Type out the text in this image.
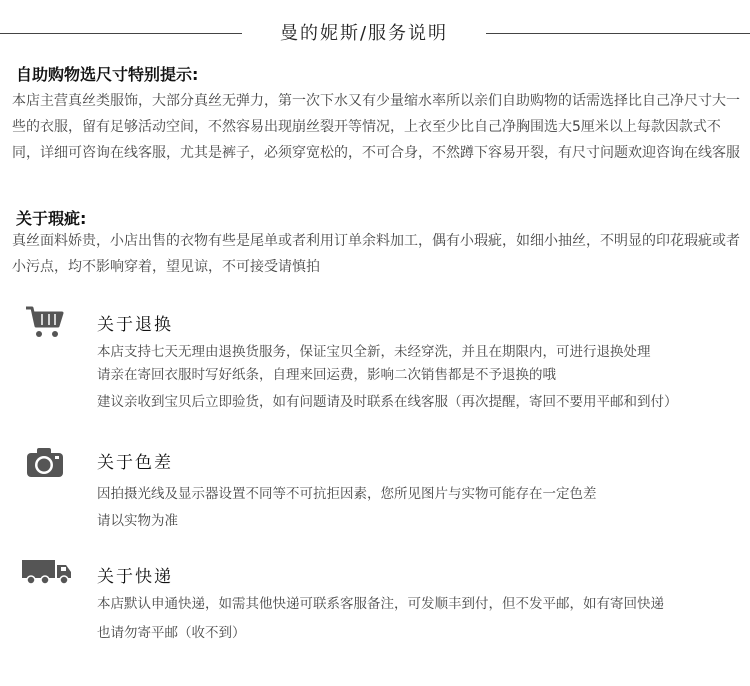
曼的妮斯/服务说明
自助购物选尺寸特别提示:

本店主营真丝类服饰，大部分真丝无弹力，第一次下水又有少量缩水率所以亲们自助购物的话需选择比自己净尺寸大一些的衣服，留有足够活动空间，不然容易出现崩丝裂开等情况，上衣至少比自己净胸围选大5厘米以上每款因款式不同，详细可咨询在线客服，尤其是裤子，必须穿宽松的，不可合身，不然蹲下容易开裂，有尺寸问题欢迎咨询在线客服

关于瑕疵:

真丝面料娇贵，小店出售的衣物有些是尾单或者利用订单余料加工，偶有小瑕疵，如细小抽丝，不明显的印花瑕疵或者小污点，均不影响穿着，望见谅，不可接受请慎拍

关于退换
本店支持七天无理由退换货服务，保证宝贝全新，未经穿洗，并且在期限内，可进行退换处理
请亲在寄回衣服时写好纸条，自理来回运费，影响二次销售都是不予退换的哦
建议亲收到宝贝后立即验货，如有问题请及时联系在线客服（再次提醒，寄回不要用平邮和到付）
关于色差
因拍摄光线及显示器设置不同等不可抗拒因素，您所见图片与实物可能存在一定色差
请以实物为准
关于快递
本店默认申通快递，如需其他快递可联系客服备注，可发顺丰到付，但不发平邮，如有寄回快递
也请勿寄平邮（收不到）
